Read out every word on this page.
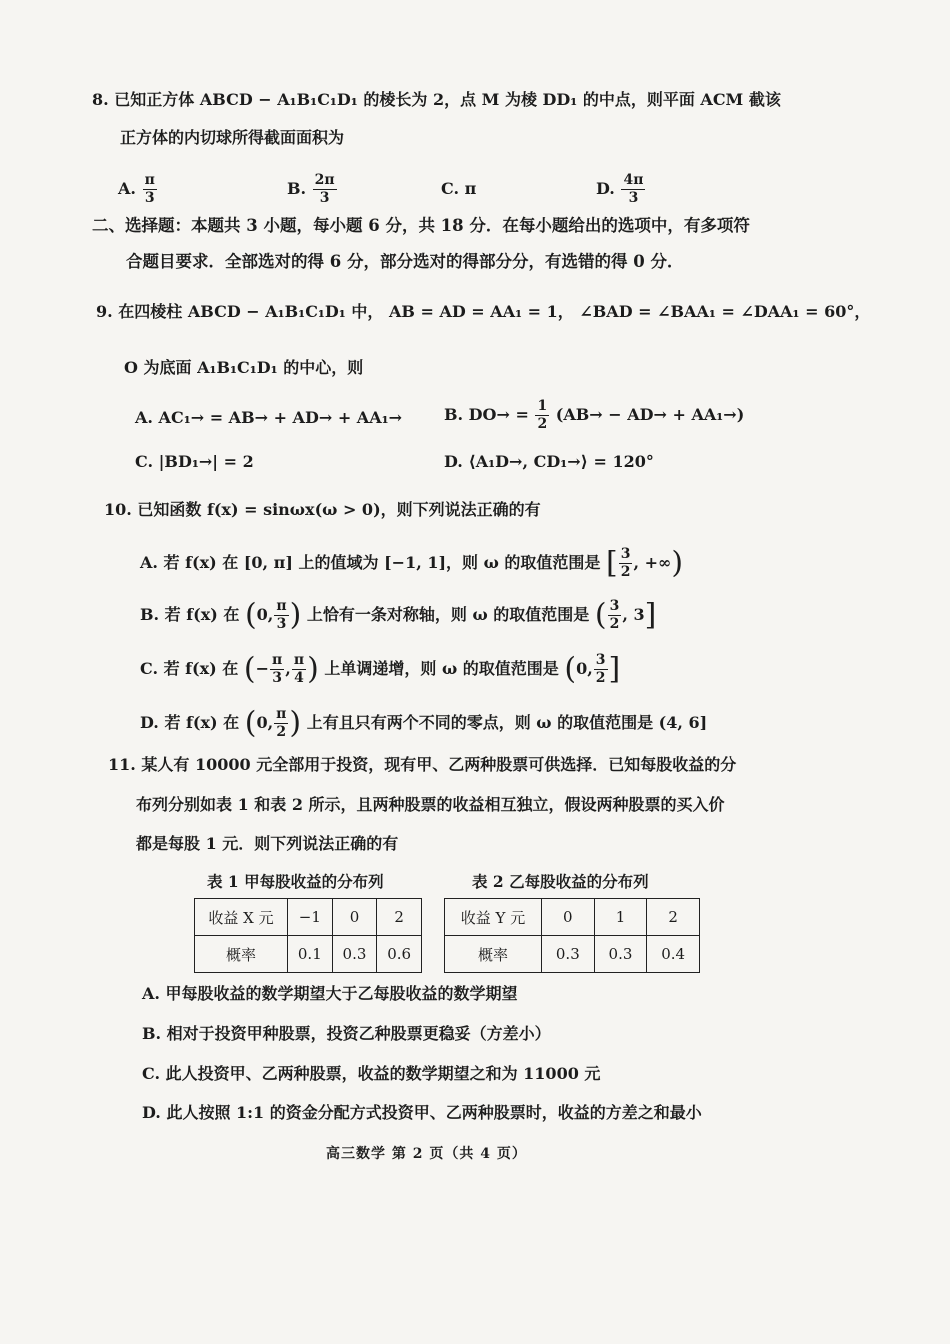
8. 已知正方体 ABCD − A₁B₁C₁D₁ 的棱长为 2，点 M 为棱 DD₁ 的中点，则平面 ACM 截该
正方体的内切球所得截面面积为
A. $\frac{\pi}{3}$	B. $\frac{2\pi}{3}$	C. π	D. $\frac{4\pi}{3}$
二、选择题：本题共 3 小题，每小题 6 分，共 18 分．在每小题给出的选项中，有多项符
合题目要求．全部选对的得 6 分，部分选对的得部分分，有选错的得 0 分．
9. 在四棱柱 ABCD − A₁B₁C₁D₁ 中， AB = AD = AA₁ = 1， ∠BAD = ∠BAA₁ = ∠DAA₁ = 60°，
O 为底面 A₁B₁C₁D₁ 的中心，则
A. AC₁→ = AB→ + AD→ + AA₁→	B. $DO\to = \frac{1}{2} (AB\to - AD\to + AA_1\to)$
C. |BD₁→| = 2	D. ⟨A₁D→, CD₁→⟩ = 120°
10. 已知函数 f(x) = sinωx(ω > 0)，则下列说法正确的有
A. 若 f(x) 在 [0, π] 上的值域为 [−1, 1]，则 ω 的取值范围是 [ $\frac{3}{2}$ , +∞)
B. 若 f(x) 在 (0, $\frac{\pi}{3}$ ) 上恰有一条对称轴，则 ω 的取值范围是 ( $\frac{3}{2}$ , 3]
C. 若 f(x) 在 (− $\frac{\pi}{3}$ , $\frac{\pi}{4}$ ) 上单调递增，则 ω 的取值范围是 (0, $\frac{3}{2}$ ]
D. 若 f(x) 在 (0, $\frac{\pi}{2}$ ) 上有且只有两个不同的零点，则 ω 的取值范围是 (4, 6]
11. 某人有 10000 元全部用于投资，现有甲、乙两种股票可供选择．已知每股收益的分
布列分别如表 1 和表 2 所示，且两种股票的收益相互独立，假设两种股票的买入价
都是每股 1 元．则下列说法正确的有
表 1 甲每股收益的分布列	表 2 乙每股收益的分布列
收益 X 元	−1	0	2
概率	0.1	0.3	0.6
收益 Y 元	0	1	2
概率	0.3	0.3	0.4
A. 甲每股收益的数学期望大于乙每股收益的数学期望
B. 相对于投资甲种股票，投资乙种股票更稳妥（方差小）
C. 此人投资甲、乙两种股票，收益的数学期望之和为 11000 元
D. 此人按照 1:1 的资金分配方式投资甲、乙两种股票时，收益的方差之和最小
高三数学 第 2 页（共 4 页）
